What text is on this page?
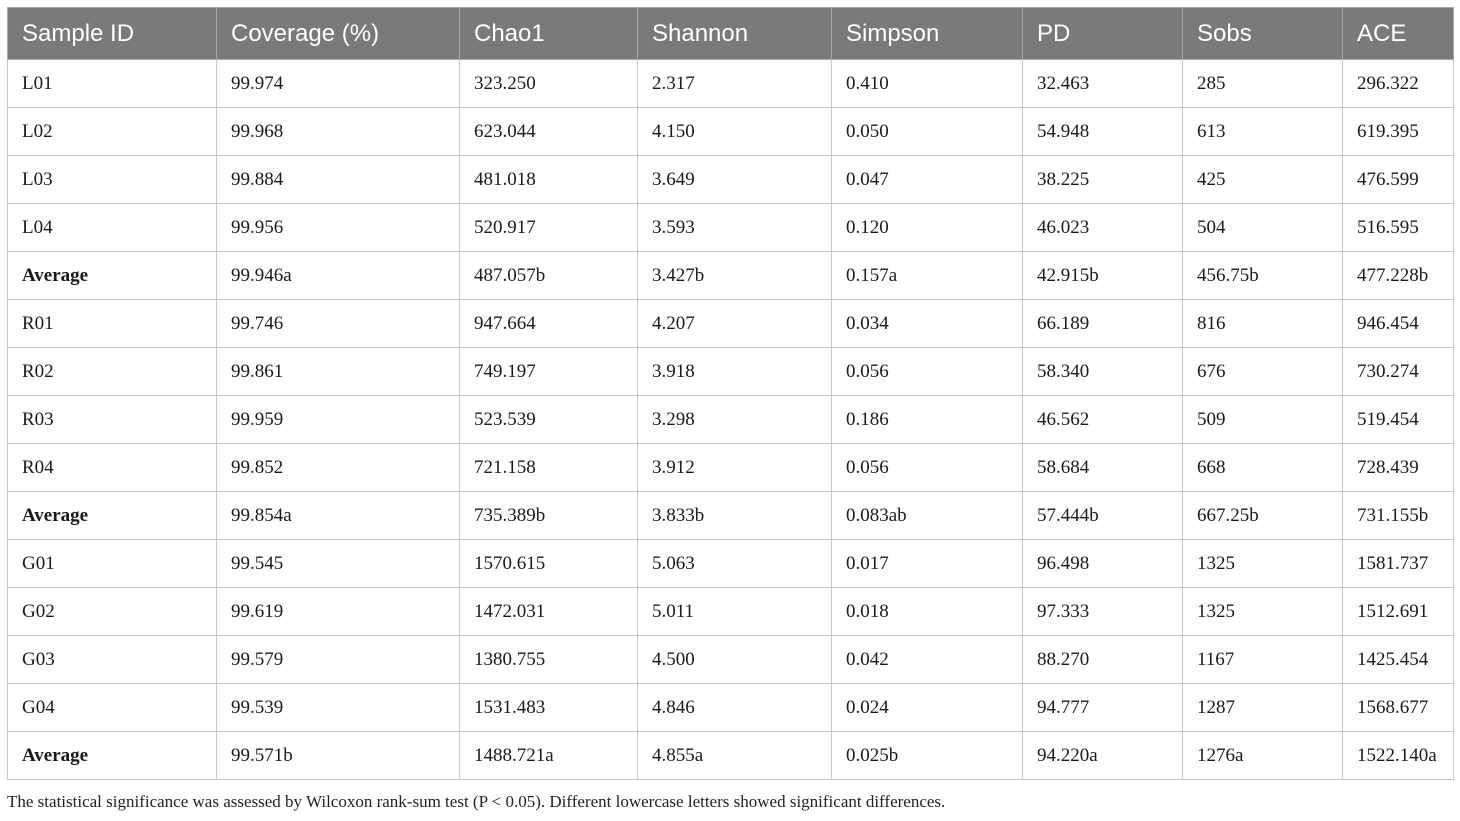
Sample ID	Coverage (%)	Chao1	Shannon	Simpson	PD	Sobs	ACE
L01	99.974	323.250	2.317	0.410	32.463	285	296.322
L02	99.968	623.044	4.150	0.050	54.948	613	619.395
L03	99.884	481.018	3.649	0.047	38.225	425	476.599
L04	99.956	520.917	3.593	0.120	46.023	504	516.595
Average	99.946a	487.057b	3.427b	0.157a	42.915b	456.75b	477.228b
R01	99.746	947.664	4.207	0.034	66.189	816	946.454
R02	99.861	749.197	3.918	0.056	58.340	676	730.274
R03	99.959	523.539	3.298	0.186	46.562	509	519.454
R04	99.852	721.158	3.912	0.056	58.684	668	728.439
Average	99.854a	735.389b	3.833b	0.083ab	57.444b	667.25b	731.155b
G01	99.545	1570.615	5.063	0.017	96.498	1325	1581.737
G02	99.619	1472.031	5.011	0.018	97.333	1325	1512.691
G03	99.579	1380.755	4.500	0.042	88.270	1167	1425.454
G04	99.539	1531.483	4.846	0.024	94.777	1287	1568.677
Average	99.571b	1488.721a	4.855a	0.025b	94.220a	1276a	1522.140a
The statistical significance was assessed by Wilcoxon rank-sum test (P < 0.05). Different lowercase letters showed significant differences.
